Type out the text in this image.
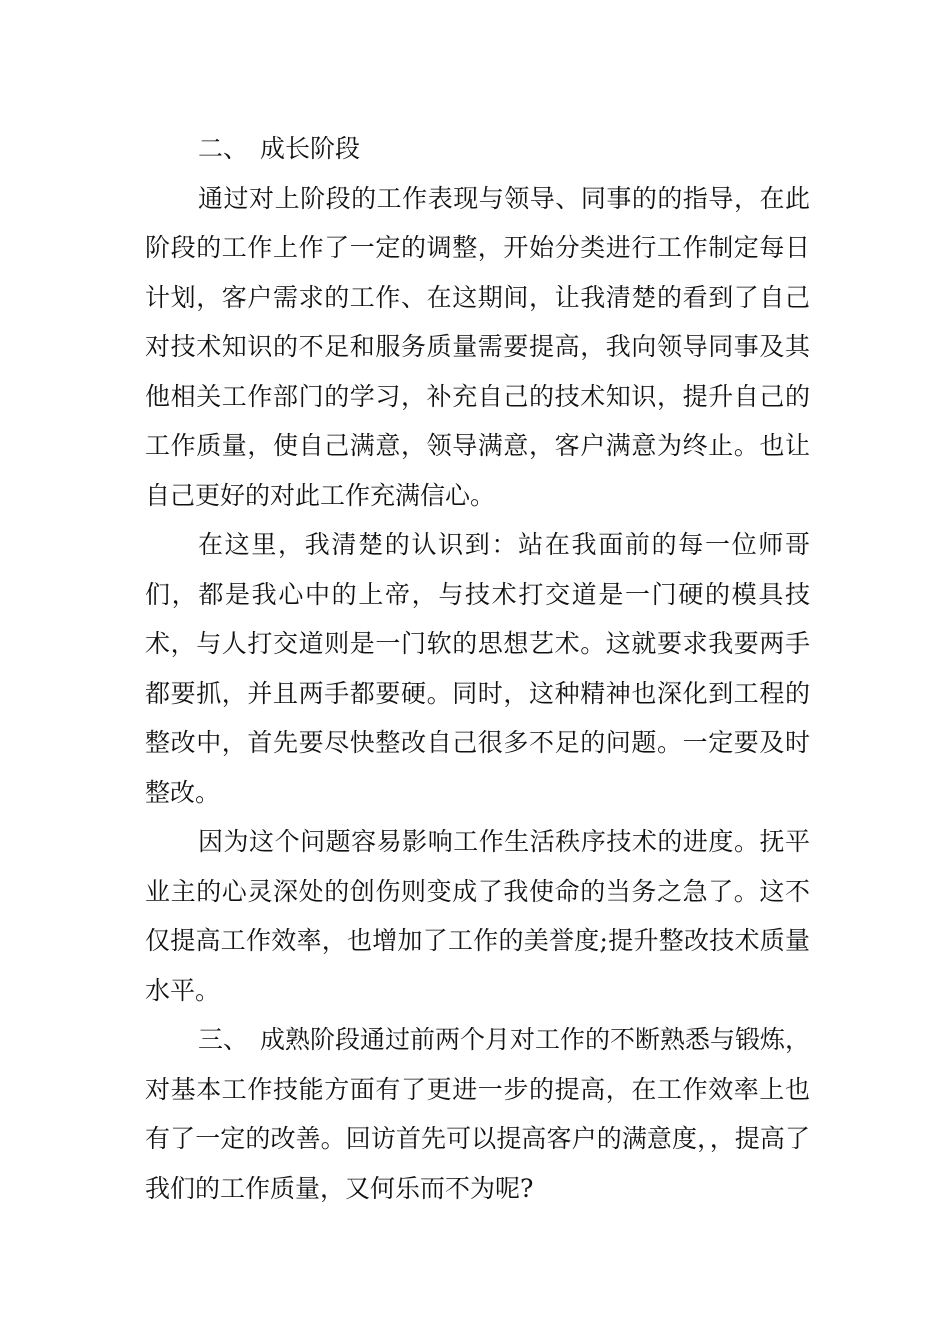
二、 成长阶段

通过对上阶段的工作表现与领导、同事的的指导，在此阶段的工作上作了一定的调整，开始分类进行工作制定每日计划，客户需求的工作、在这期间，让我清楚的看到了自己对技术知识的不足和服务质量需要提高，我向领导同事及其他相关工作部门的学习，补充自己的技术知识，提升自己的工作质量，使自己满意，领导满意，客户满意为终止。也让自己更好的对此工作充满信心。

在这里，我清楚的认识到：站在我面前的每一位师哥们，都是我心中的上帝，与技术打交道是一门硬的模具技术，与人打交道则是一门软的思想艺术。这就要求我要两手都要抓，并且两手都要硬。同时，这种精神也深化到工程的整改中，首先要尽快整改自己很多不足的问题。一定要及时整改。

因为这个问题容易影响工作生活秩序技术的进度。抚平业主的心灵深处的创伤则变成了我使命的当务之急了。这不仅提高工作效率，也增加了工作的美誉度;提升整改技术质量水平。

三、 成熟阶段通过前两个月对工作的不断熟悉与锻炼，对基本工作技能方面有了更进一步的提高，在工作效率上也有了一定的改善。回访首先可以提高客户的满意度，，提高了我们的工作质量，又何乐而不为呢?
